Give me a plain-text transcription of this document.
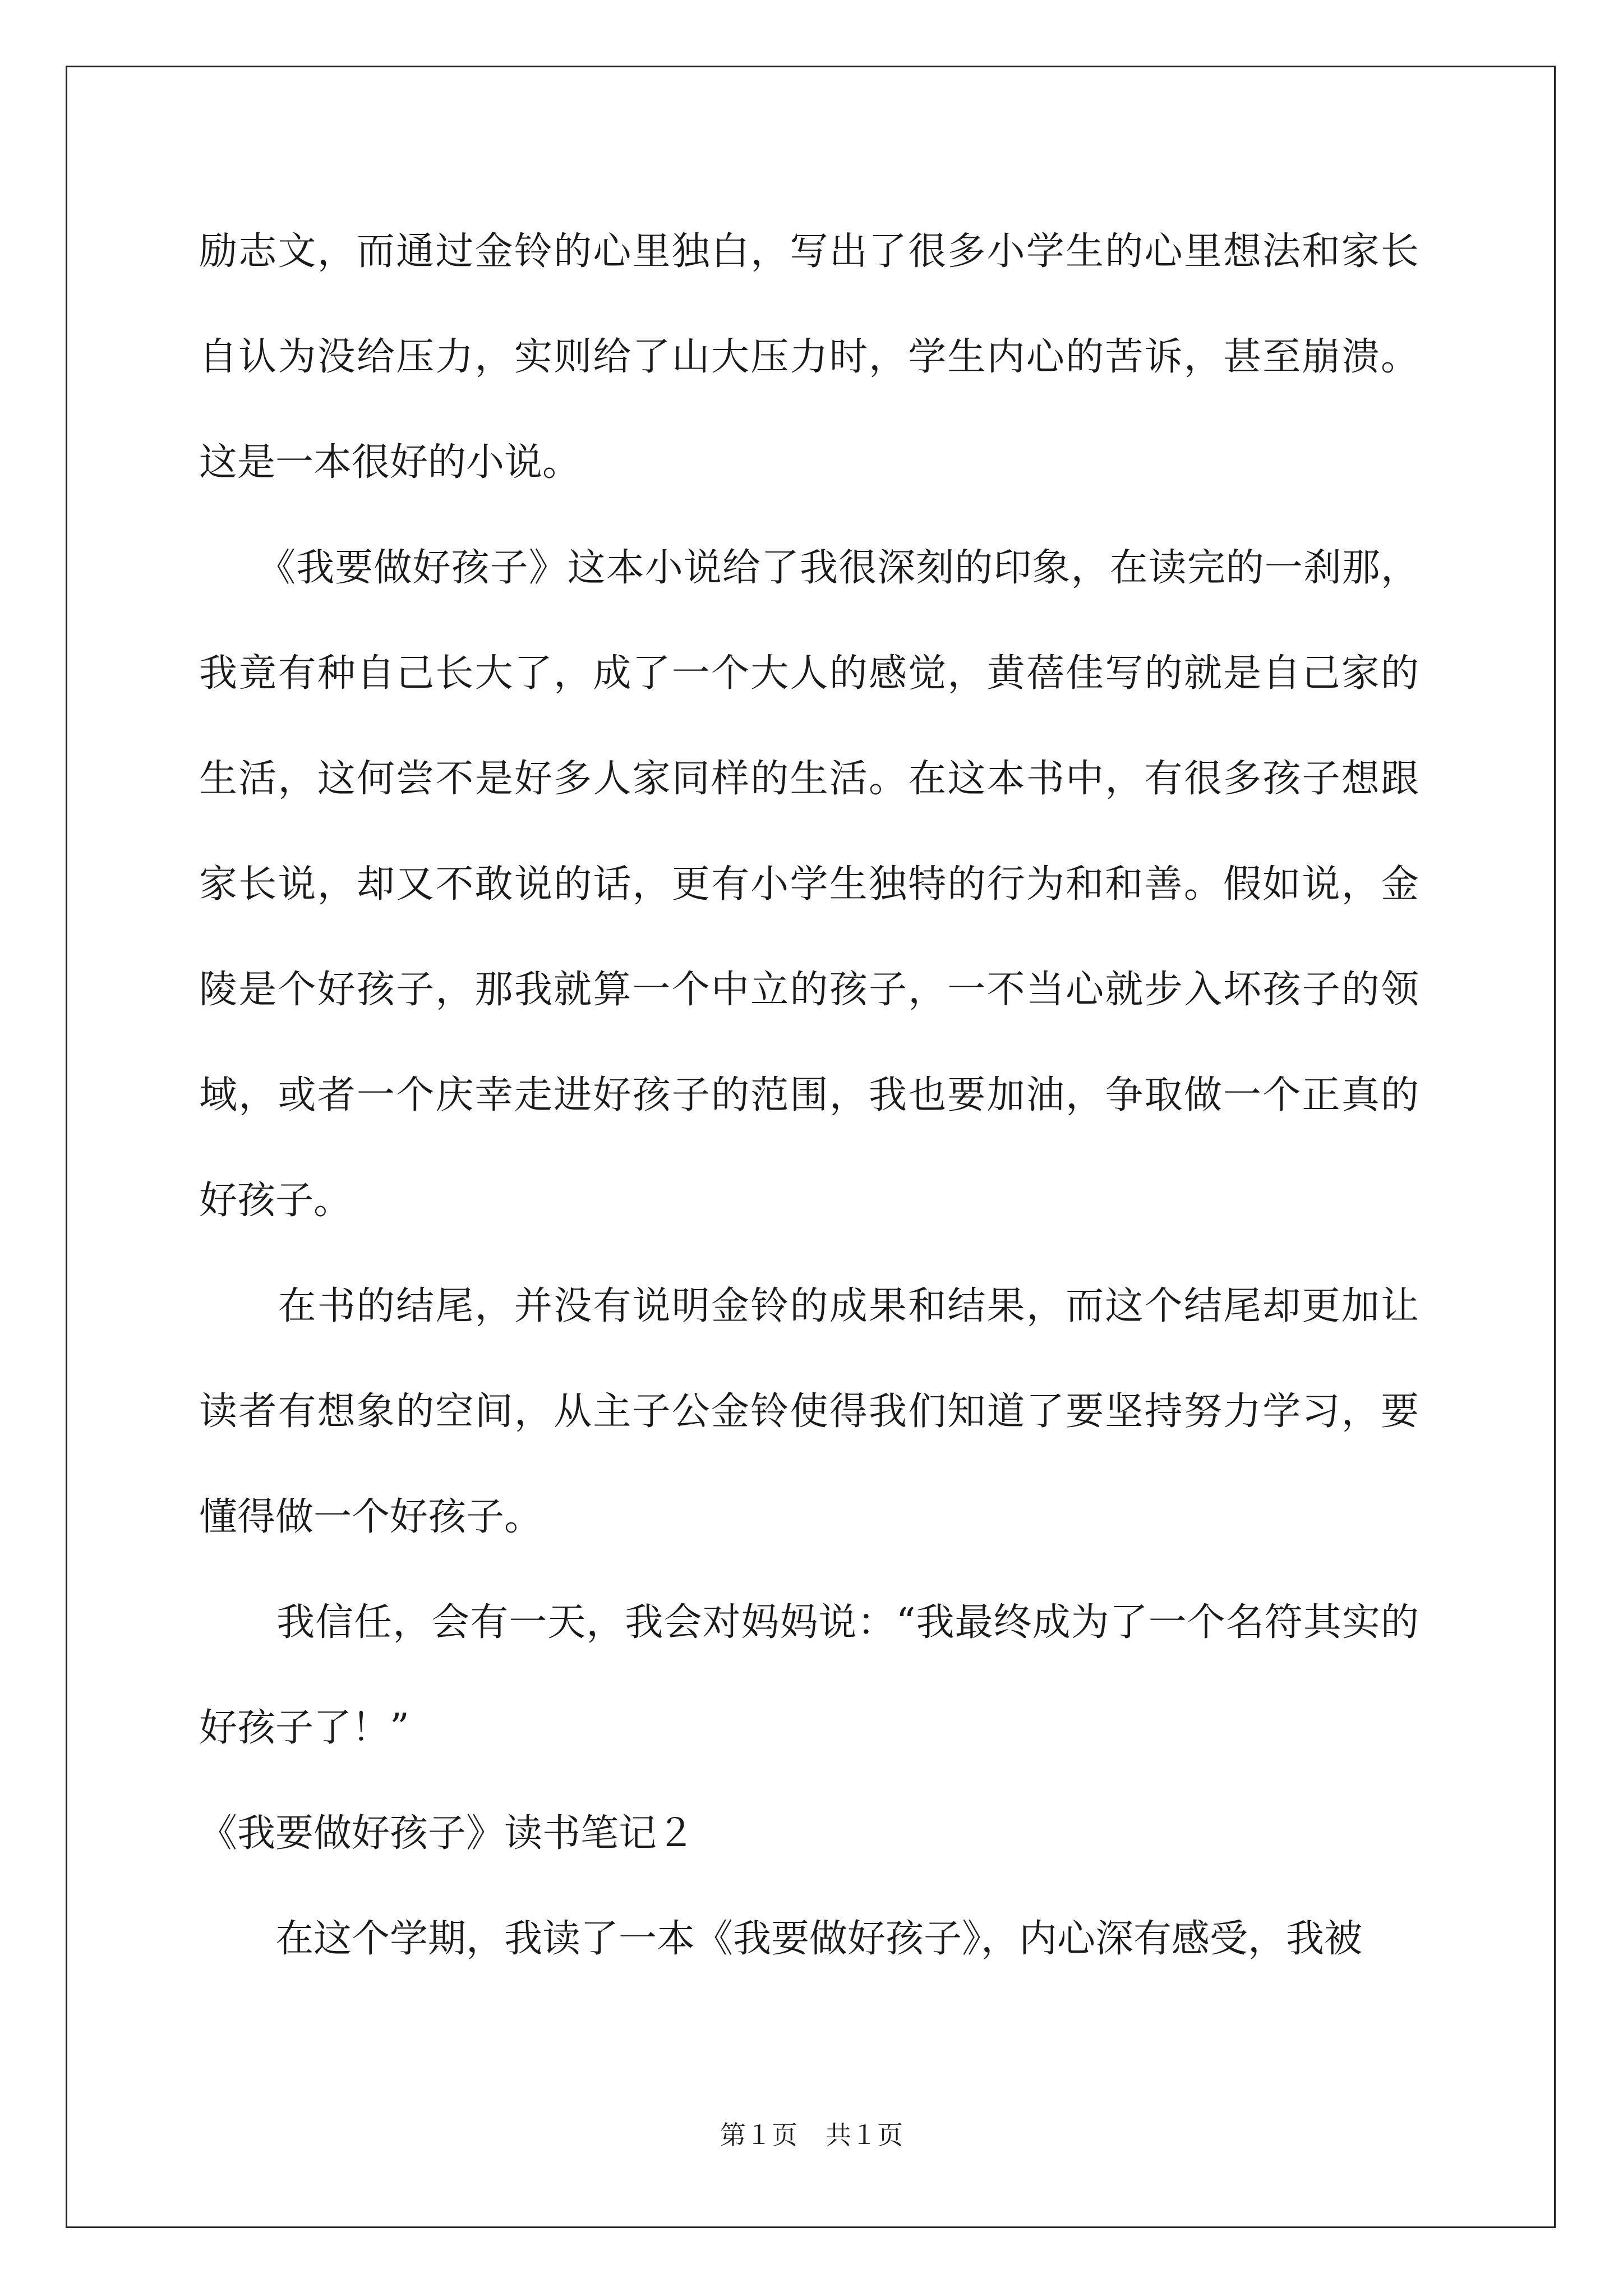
励志文，而通过金铃的心里独白，写出了很多小学生的心里想法和家长自认为没给压力，实则给了山大压力时，学生内心的苦诉，甚至崩溃。这是一本很好的小说。

　　《我要做好孩子》这本小说给了我很深刻的印象，在读完的一刹那，我竟有种自己长大了，成了一个大人的感觉，黄蓓佳写的就是自己家的生活，这何尝不是好多人家同样的生活。在这本书中，有很多孩子想跟家长说，却又不敢说的话，更有小学生独特的行为和和善。假如说，金陵是个好孩子，那我就算一个中立的孩子，一不当心就步入坏孩子的领域，或者一个庆幸走进好孩子的范围，我也要加油，争取做一个正真的好孩子。

　　在书的结尾，并没有说明金铃的成果和结果，而这个结尾却更加让读者有想象的空间，从主子公金铃使得我们知道了要坚持努力学习，要懂得做一个好孩子。

　　我信任，会有一天，我会对妈妈说：“我最终成为了一个名符其实的好孩子了！”

《我要做好孩子》读书笔记２

　　在这个学期，我读了一本《我要做好孩子》，内心深有感受，我被

第１页 共１页
